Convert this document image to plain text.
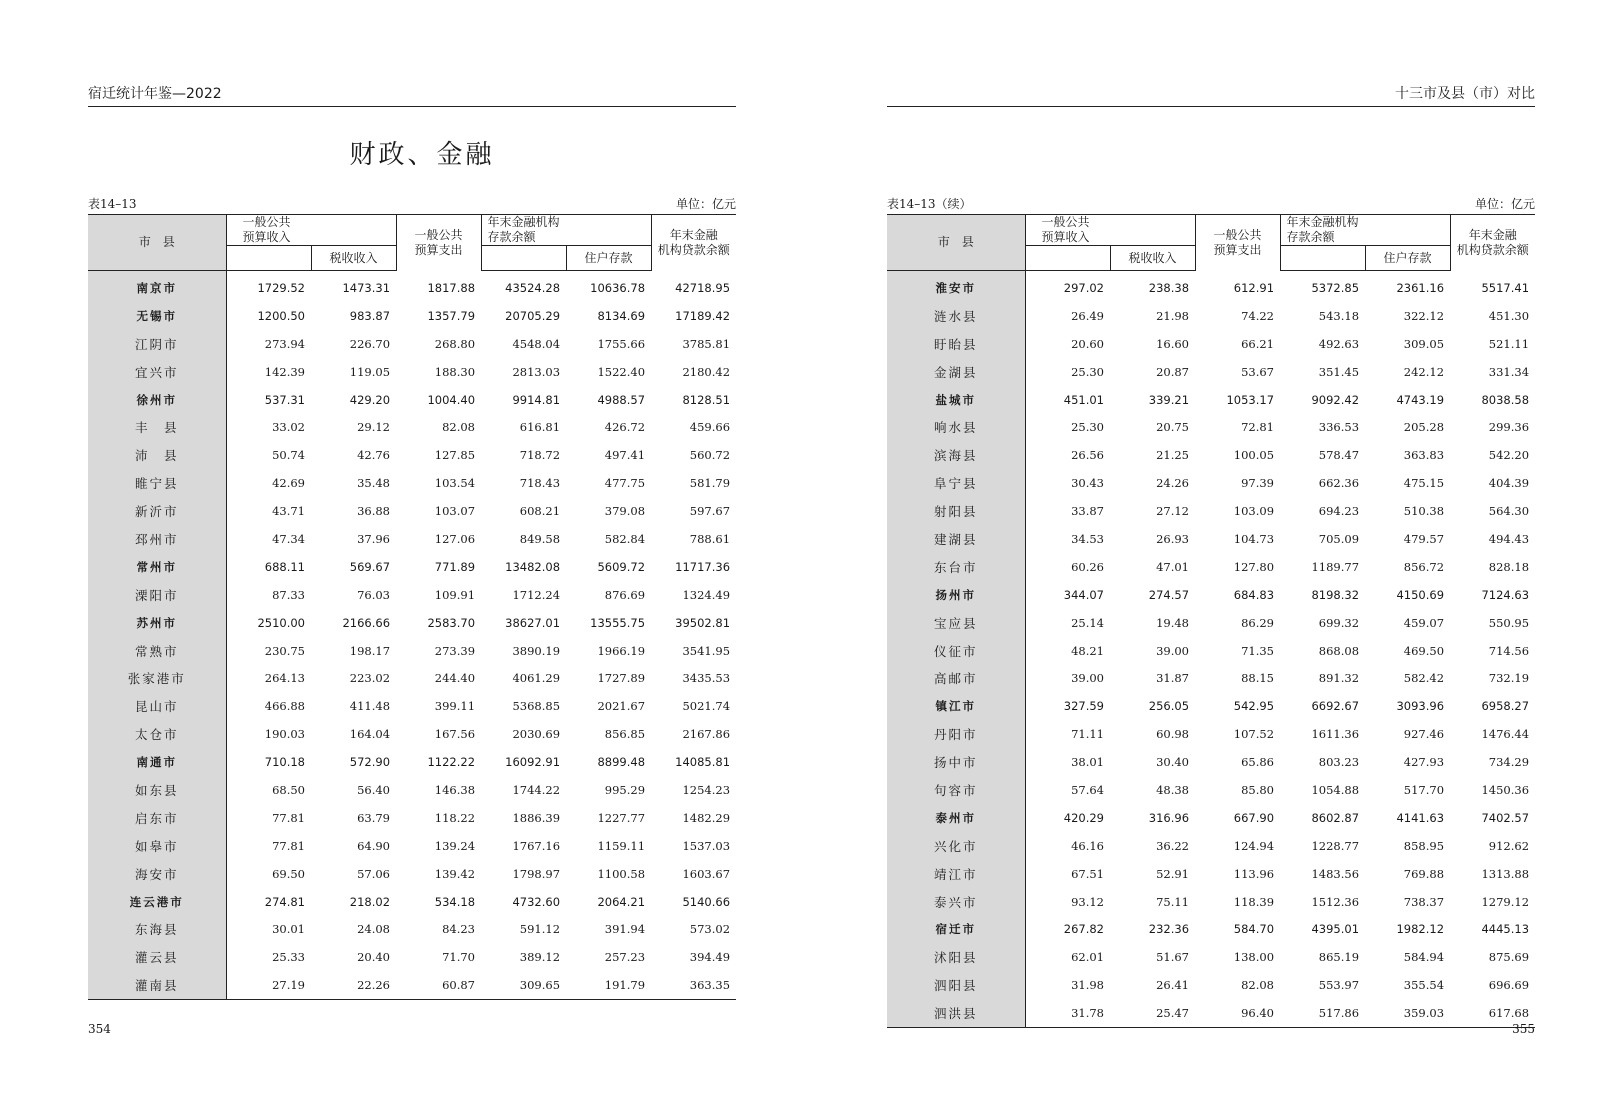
宿迁统计年鉴—2022
财政、金融
表14–13	单位：亿元
市　县	一般公共
预算收入		一般公共
预算支出	年末金融机构
存款余额		年末金融
机构贷款余额
		税收收入			住户存款	
南京市	1729.52	1473.31	1817.88	43524.28	10636.78	42718.95
无锡市	1200.50	983.87	1357.79	20705.29	8134.69	17189.42
江阴市	273.94	226.70	268.80	4548.04	1755.66	3785.81
宜兴市	142.39	119.05	188.30	2813.03	1522.40	2180.42
徐州市	537.31	429.20	1004.40	9914.81	4988.57	8128.51
丰　县	33.02	29.12	82.08	616.81	426.72	459.66
沛　县	50.74	42.76	127.85	718.72	497.41	560.72
睢宁县	42.69	35.48	103.54	718.43	477.75	581.79
新沂市	43.71	36.88	103.07	608.21	379.08	597.67
邳州市	47.34	37.96	127.06	849.58	582.84	788.61
常州市	688.11	569.67	771.89	13482.08	5609.72	11717.36
溧阳市	87.33	76.03	109.91	1712.24	876.69	1324.49
苏州市	2510.00	2166.66	2583.70	38627.01	13555.75	39502.81
常熟市	230.75	198.17	273.39	3890.19	1966.19	3541.95
张家港市	264.13	223.02	244.40	4061.29	1727.89	3435.53
昆山市	466.88	411.48	399.11	5368.85	2021.67	5021.74
太仓市	190.03	164.04	167.56	2030.69	856.85	2167.86
南通市	710.18	572.90	1122.22	16092.91	8899.48	14085.81
如东县	68.50	56.40	146.38	1744.22	995.29	1254.23
启东市	77.81	63.79	118.22	1886.39	1227.77	1482.29
如皋市	77.81	64.90	139.24	1767.16	1159.11	1537.03
海安市	69.50	57.06	139.42	1798.97	1100.58	1603.67
连云港市	274.81	218.02	534.18	4732.60	2064.21	5140.66
东海县	30.01	24.08	84.23	591.12	391.94	573.02
灌云县	25.33	20.40	71.70	389.12	257.23	394.49
灌南县	27.19	22.26	60.87	309.65	191.79	363.35
354
十三市及县（市）对比
表14–13（续）	单位：亿元
市　县	一般公共
预算收入		一般公共
预算支出	年末金融机构
存款余额		年末金融
机构贷款余额
		税收收入			住户存款	
淮安市	297.02	238.38	612.91	5372.85	2361.16	5517.41
涟水县	26.49	21.98	74.22	543.18	322.12	451.30
盱眙县	20.60	16.60	66.21	492.63	309.05	521.11
金湖县	25.30	20.87	53.67	351.45	242.12	331.34
盐城市	451.01	339.21	1053.17	9092.42	4743.19	8038.58
响水县	25.30	20.75	72.81	336.53	205.28	299.36
滨海县	26.56	21.25	100.05	578.47	363.83	542.20
阜宁县	30.43	24.26	97.39	662.36	475.15	404.39
射阳县	33.87	27.12	103.09	694.23	510.38	564.30
建湖县	34.53	26.93	104.73	705.09	479.57	494.43
东台市	60.26	47.01	127.80	1189.77	856.72	828.18
扬州市	344.07	274.57	684.83	8198.32	4150.69	7124.63
宝应县	25.14	19.48	86.29	699.32	459.07	550.95
仪征市	48.21	39.00	71.35	868.08	469.50	714.56
高邮市	39.00	31.87	88.15	891.32	582.42	732.19
镇江市	327.59	256.05	542.95	6692.67	3093.96	6958.27
丹阳市	71.11	60.98	107.52	1611.36	927.46	1476.44
扬中市	38.01	30.40	65.86	803.23	427.93	734.29
句容市	57.64	48.38	85.80	1054.88	517.70	1450.36
泰州市	420.29	316.96	667.90	8602.87	4141.63	7402.57
兴化市	46.16	36.22	124.94	1228.77	858.95	912.62
靖江市	67.51	52.91	113.96	1483.56	769.88	1313.88
泰兴市	93.12	75.11	118.39	1512.36	738.37	1279.12
宿迁市	267.82	232.36	584.70	4395.01	1982.12	4445.13
沭阳县	62.01	51.67	138.00	865.19	584.94	875.69
泗阳县	31.98	26.41	82.08	553.97	355.54	696.69
泗洪县	31.78	25.47	96.40	517.86	359.03	617.68
355
